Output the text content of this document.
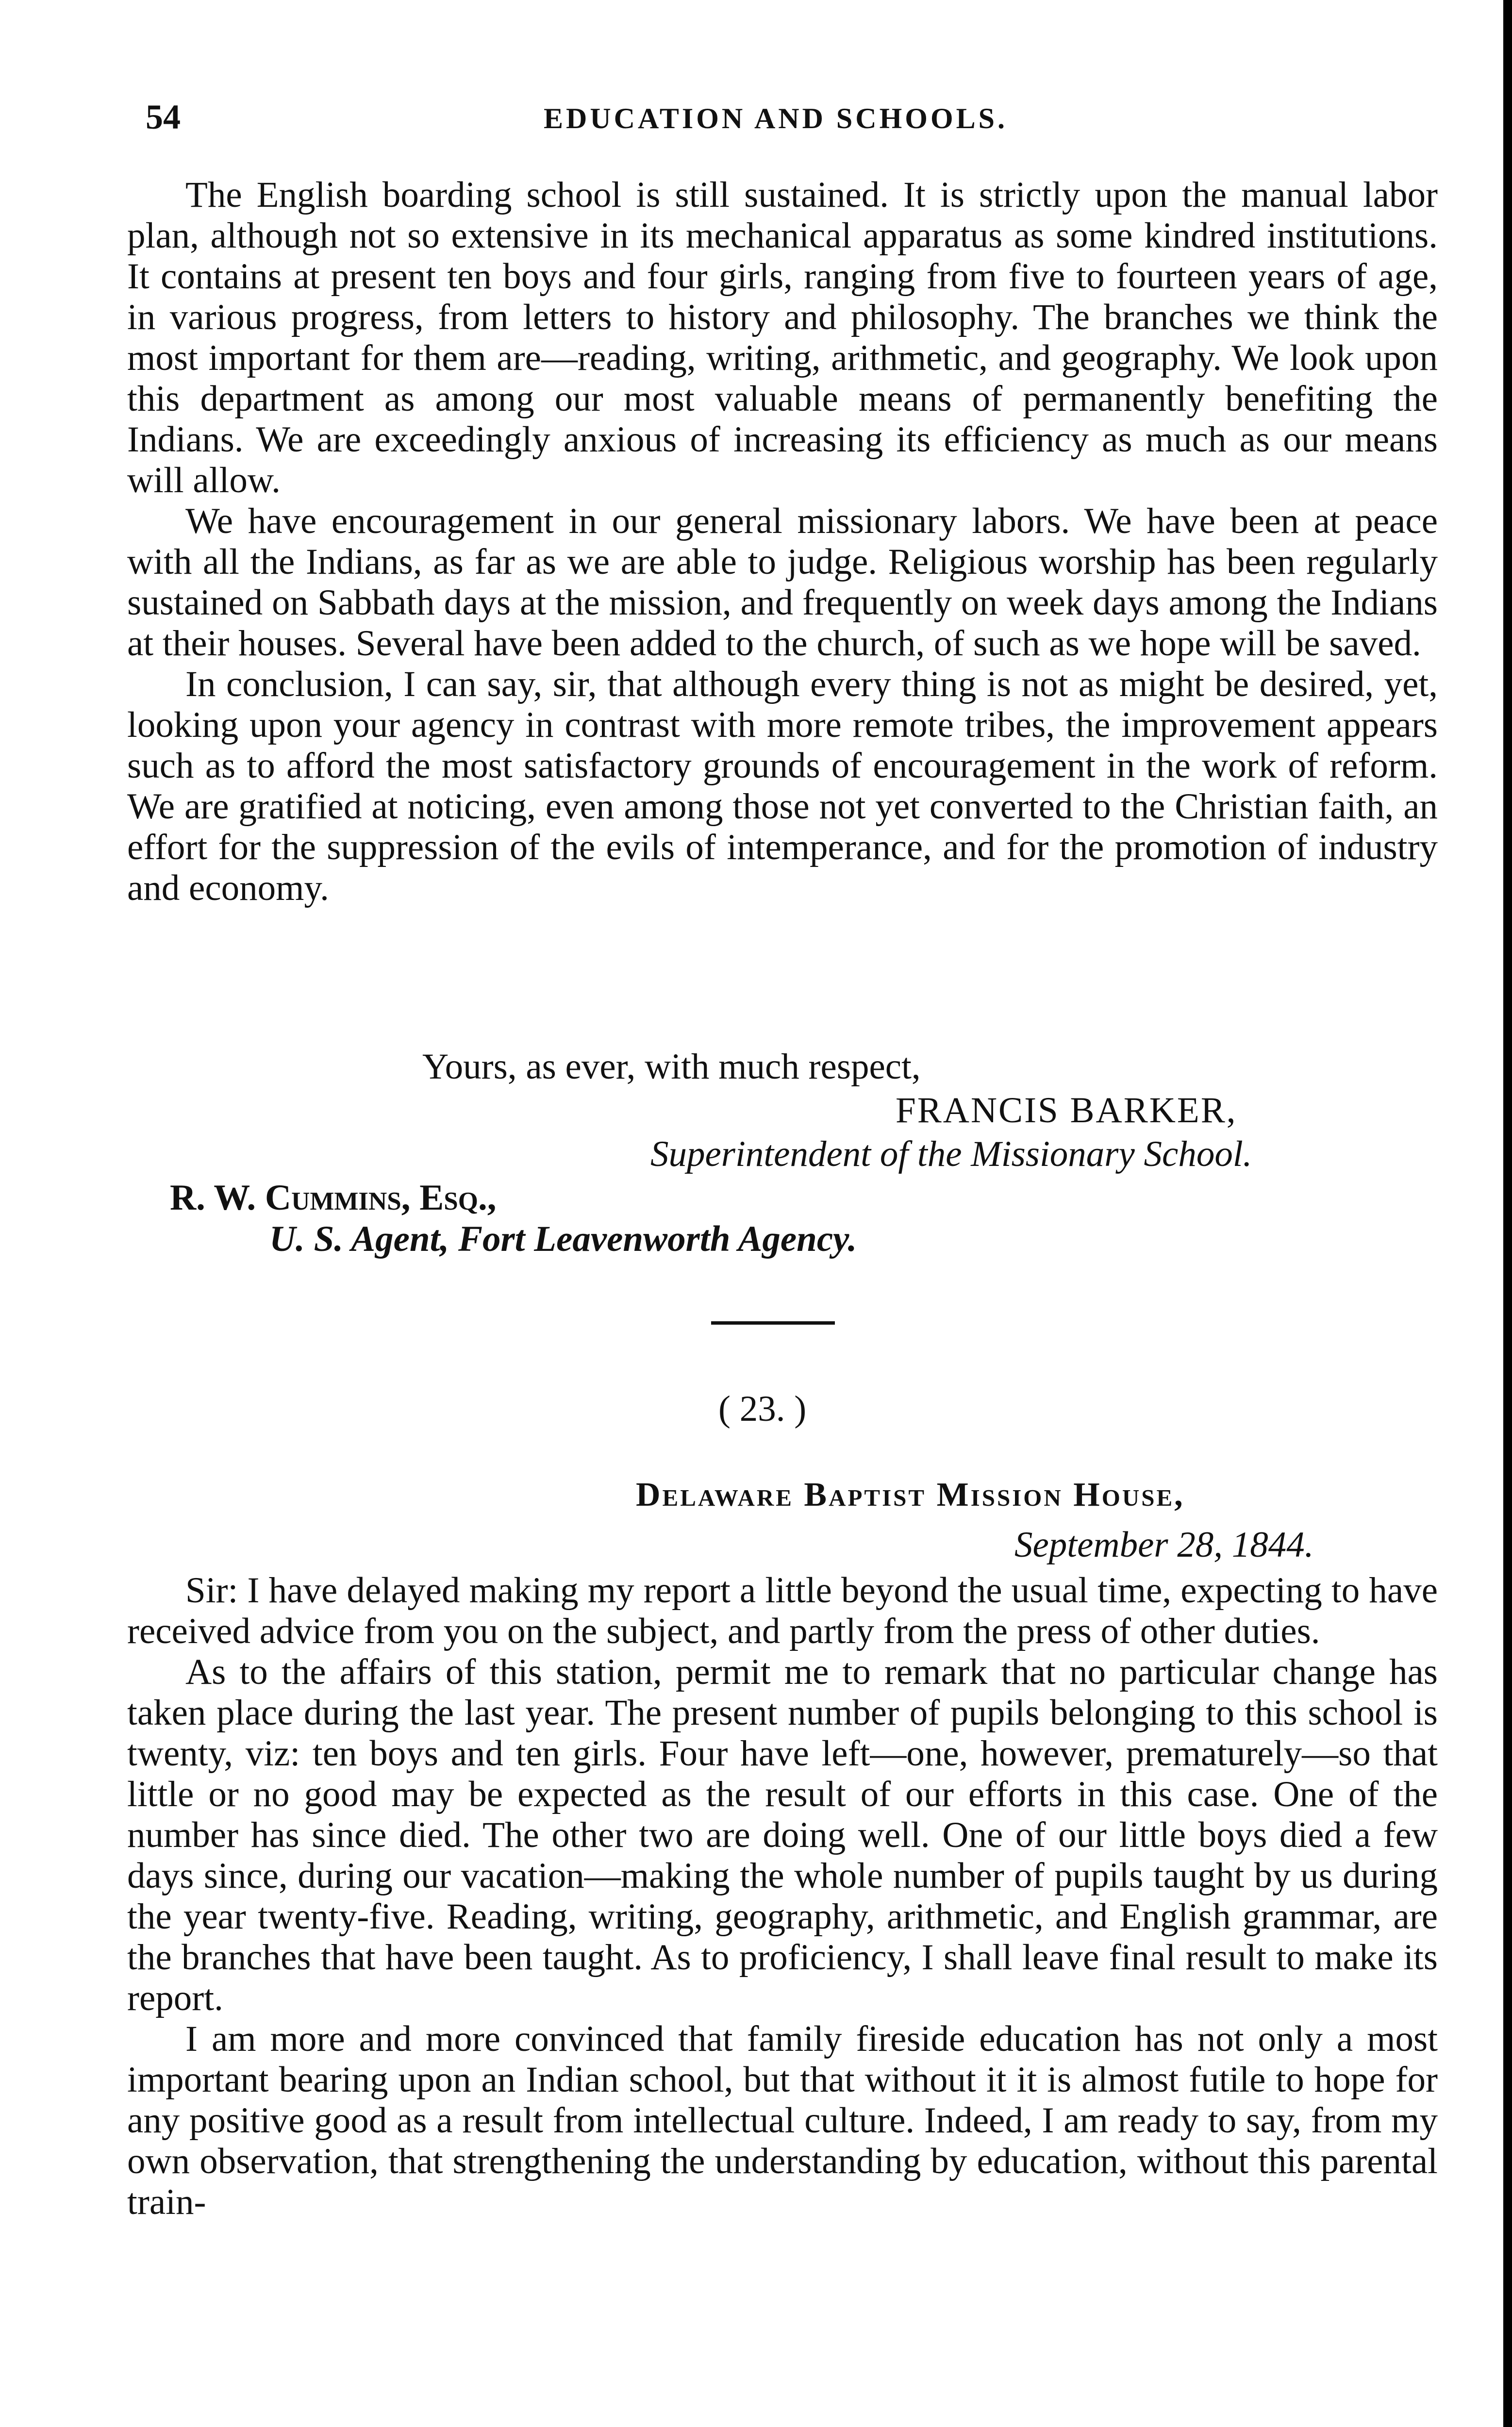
54	EDUCATION AND SCHOOLS.

The English boarding school is still sustained. It is strictly upon the manual labor plan, although not so extensive in its mechanical apparatus as some kindred institutions. It contains at present ten boys and four girls, ranging from five to fourteen years of age, in various progress, from letters to history and philosophy. The branches we think the most important for them are—reading, writing, arithmetic, and geography. We look upon this department as among our most valuable means of permanently benefiting the Indians. We are exceedingly anxious of increasing its efficiency as much as our means will allow.

We have encouragement in our general missionary labors. We have been at peace with all the Indians, as far as we are able to judge. Religious worship has been regularly sustained on Sabbath days at the mission, and frequently on week days among the Indians at their houses. Several have been added to the church, of such as we hope will be saved.

In conclusion, I can say, sir, that although every thing is not as might be desired, yet, looking upon your agency in contrast with more remote tribes, the improvement appears such as to afford the most satisfactory grounds of encouragement in the work of reform. We are gratified at noticing, even among those not yet converted to the Christian faith, an effort for the suppression of the evils of intemperance, and for the promotion of industry and economy.

Yours, as ever, with much respect,
FRANCIS BARKER,
Superintendent of the Missionary School.
R. W. Cummins, Esq.,
U. S. Agent, Fort Leavenworth Agency.
( 23. )
Delaware Baptist Mission House,
September 28, 1844.

Sir: I have delayed making my report a little beyond the usual time, expecting to have received advice from you on the subject, and partly from the press of other duties.

As to the affairs of this station, permit me to remark that no particular change has taken place during the last year. The present number of pupils belonging to this school is twenty, viz: ten boys and ten girls. Four have left—one, however, prematurely—so that little or no good may be expected as the result of our efforts in this case. One of the number has since died. The other two are doing well. One of our little boys died a few days since, during our vacation—making the whole number of pupils taught by us during the year twenty-five. Reading, writing, geography, arithmetic, and English grammar, are the branches that have been taught. As to proficiency, I shall leave final result to make its report.

I am more and more convinced that family fireside education has not only a most important bearing upon an Indian school, but that without it it is almost futile to hope for any positive good as a result from intellectual culture. Indeed, I am ready to say, from my own observation, that strengthening the understanding by education, without this parental train-
